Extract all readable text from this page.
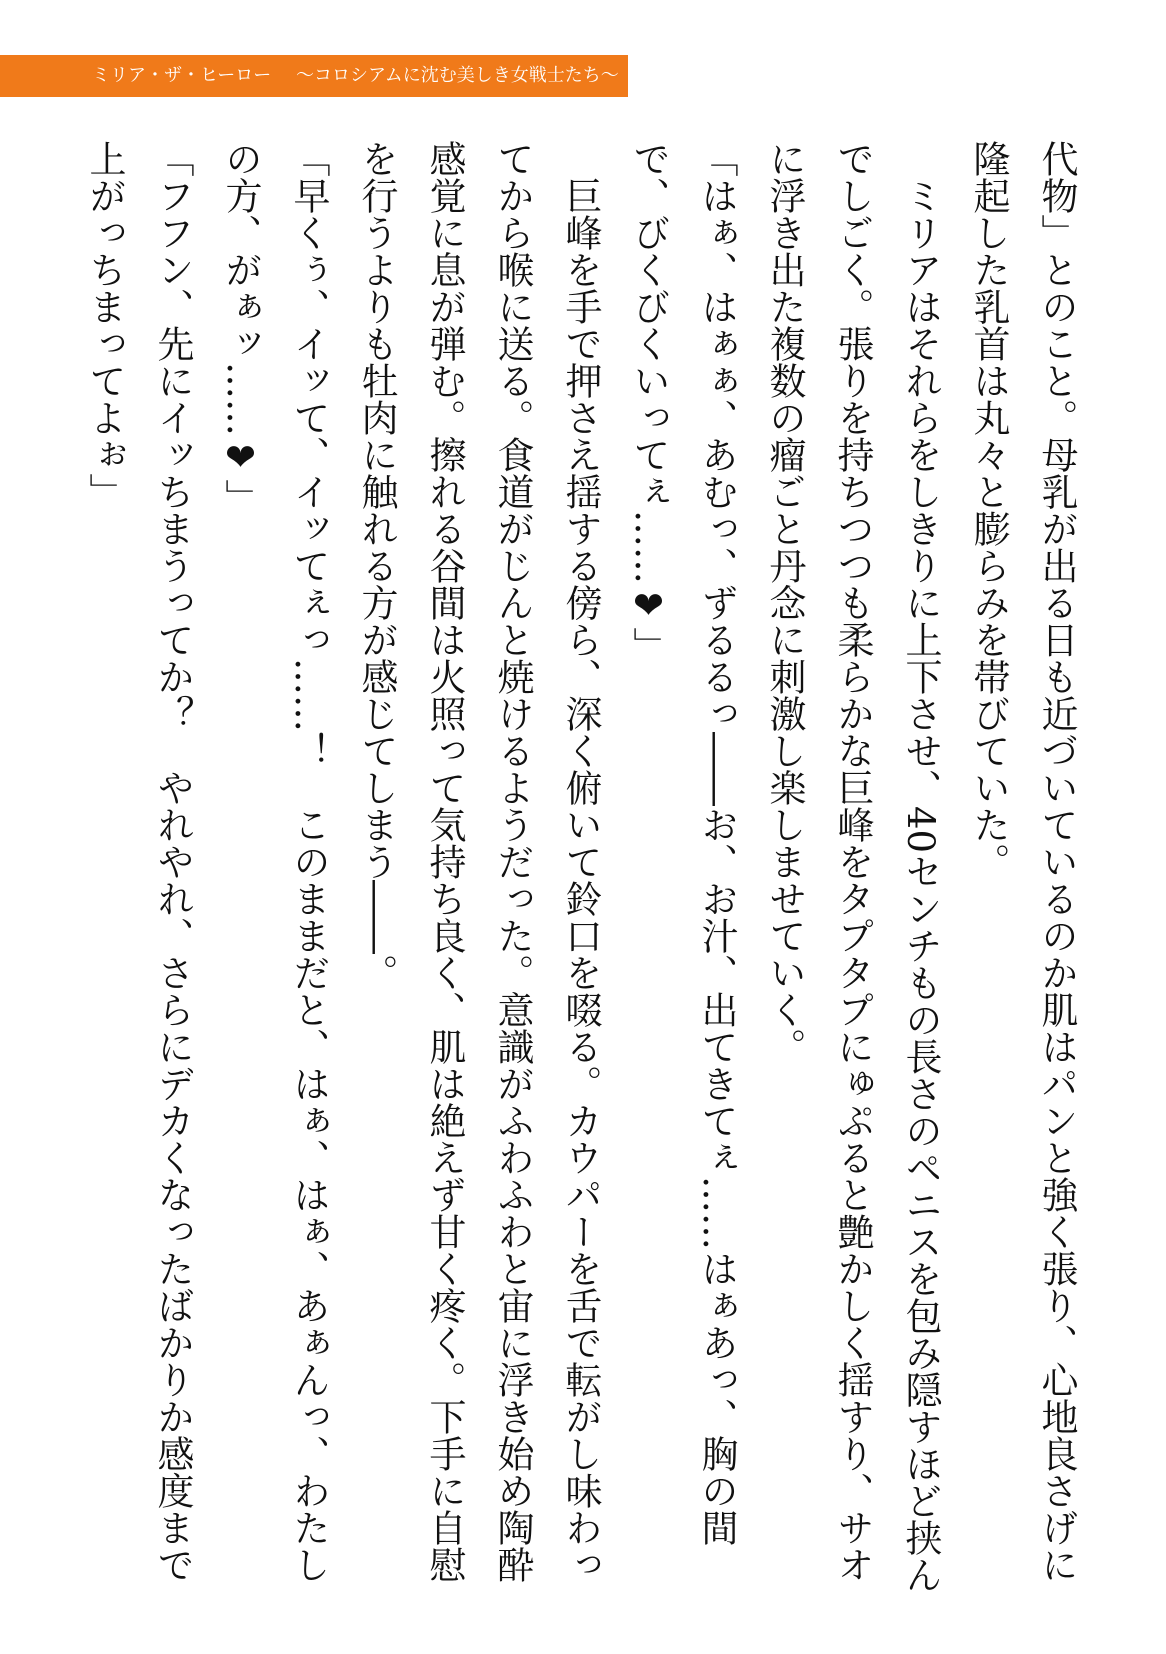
ミリア・ザ・ヒーロー ～コロシアムに沈む美しき女戦士たち～

代物」とのこと。母乳が出る日も近づいているのか肌はパンと強く張り、心地良さげに隆起した乳首は丸々と膨らみを帯びていた。

ミリアはそれらをしきりに上下させ、40センチもの長さのペニスを包み隠すほど挟んでしごく。張りを持ちつつも柔らかな巨峰をタプタプにゅぷると艶かしく揺すり、サオに浮き出た複数の瘤ごと丹念に刺激し楽しませていく。

「はぁ、はぁぁ、あむっ、ずるるっ――お、お汁、出てきてぇ……はぁあっ、胸の間で、びくびくいってぇ……❤」

巨峰を手で押さえ揺する傍ら、深く俯いて鈴口を啜る。カウパーを舌で転がし味わってから喉に送る。食道がじんと焼けるようだった。意識がふわふわと宙に浮き始め陶酔感覚に息が弾む。擦れる谷間は火照って気持ち良く、肌は絶えず甘く疼く。下手に自慰を行うよりも牡肉に触れる方が感じてしまう――。

「早くぅ、イッて、イッてぇっ……！　このままだと、はぁ、はぁ、あぁんっ、わたしの方、がぁッ……❤」

「フフン、先にイッちまうってか？　やれやれ、さらにデカくなったばかりか感度まで上がっちまってよぉ」
